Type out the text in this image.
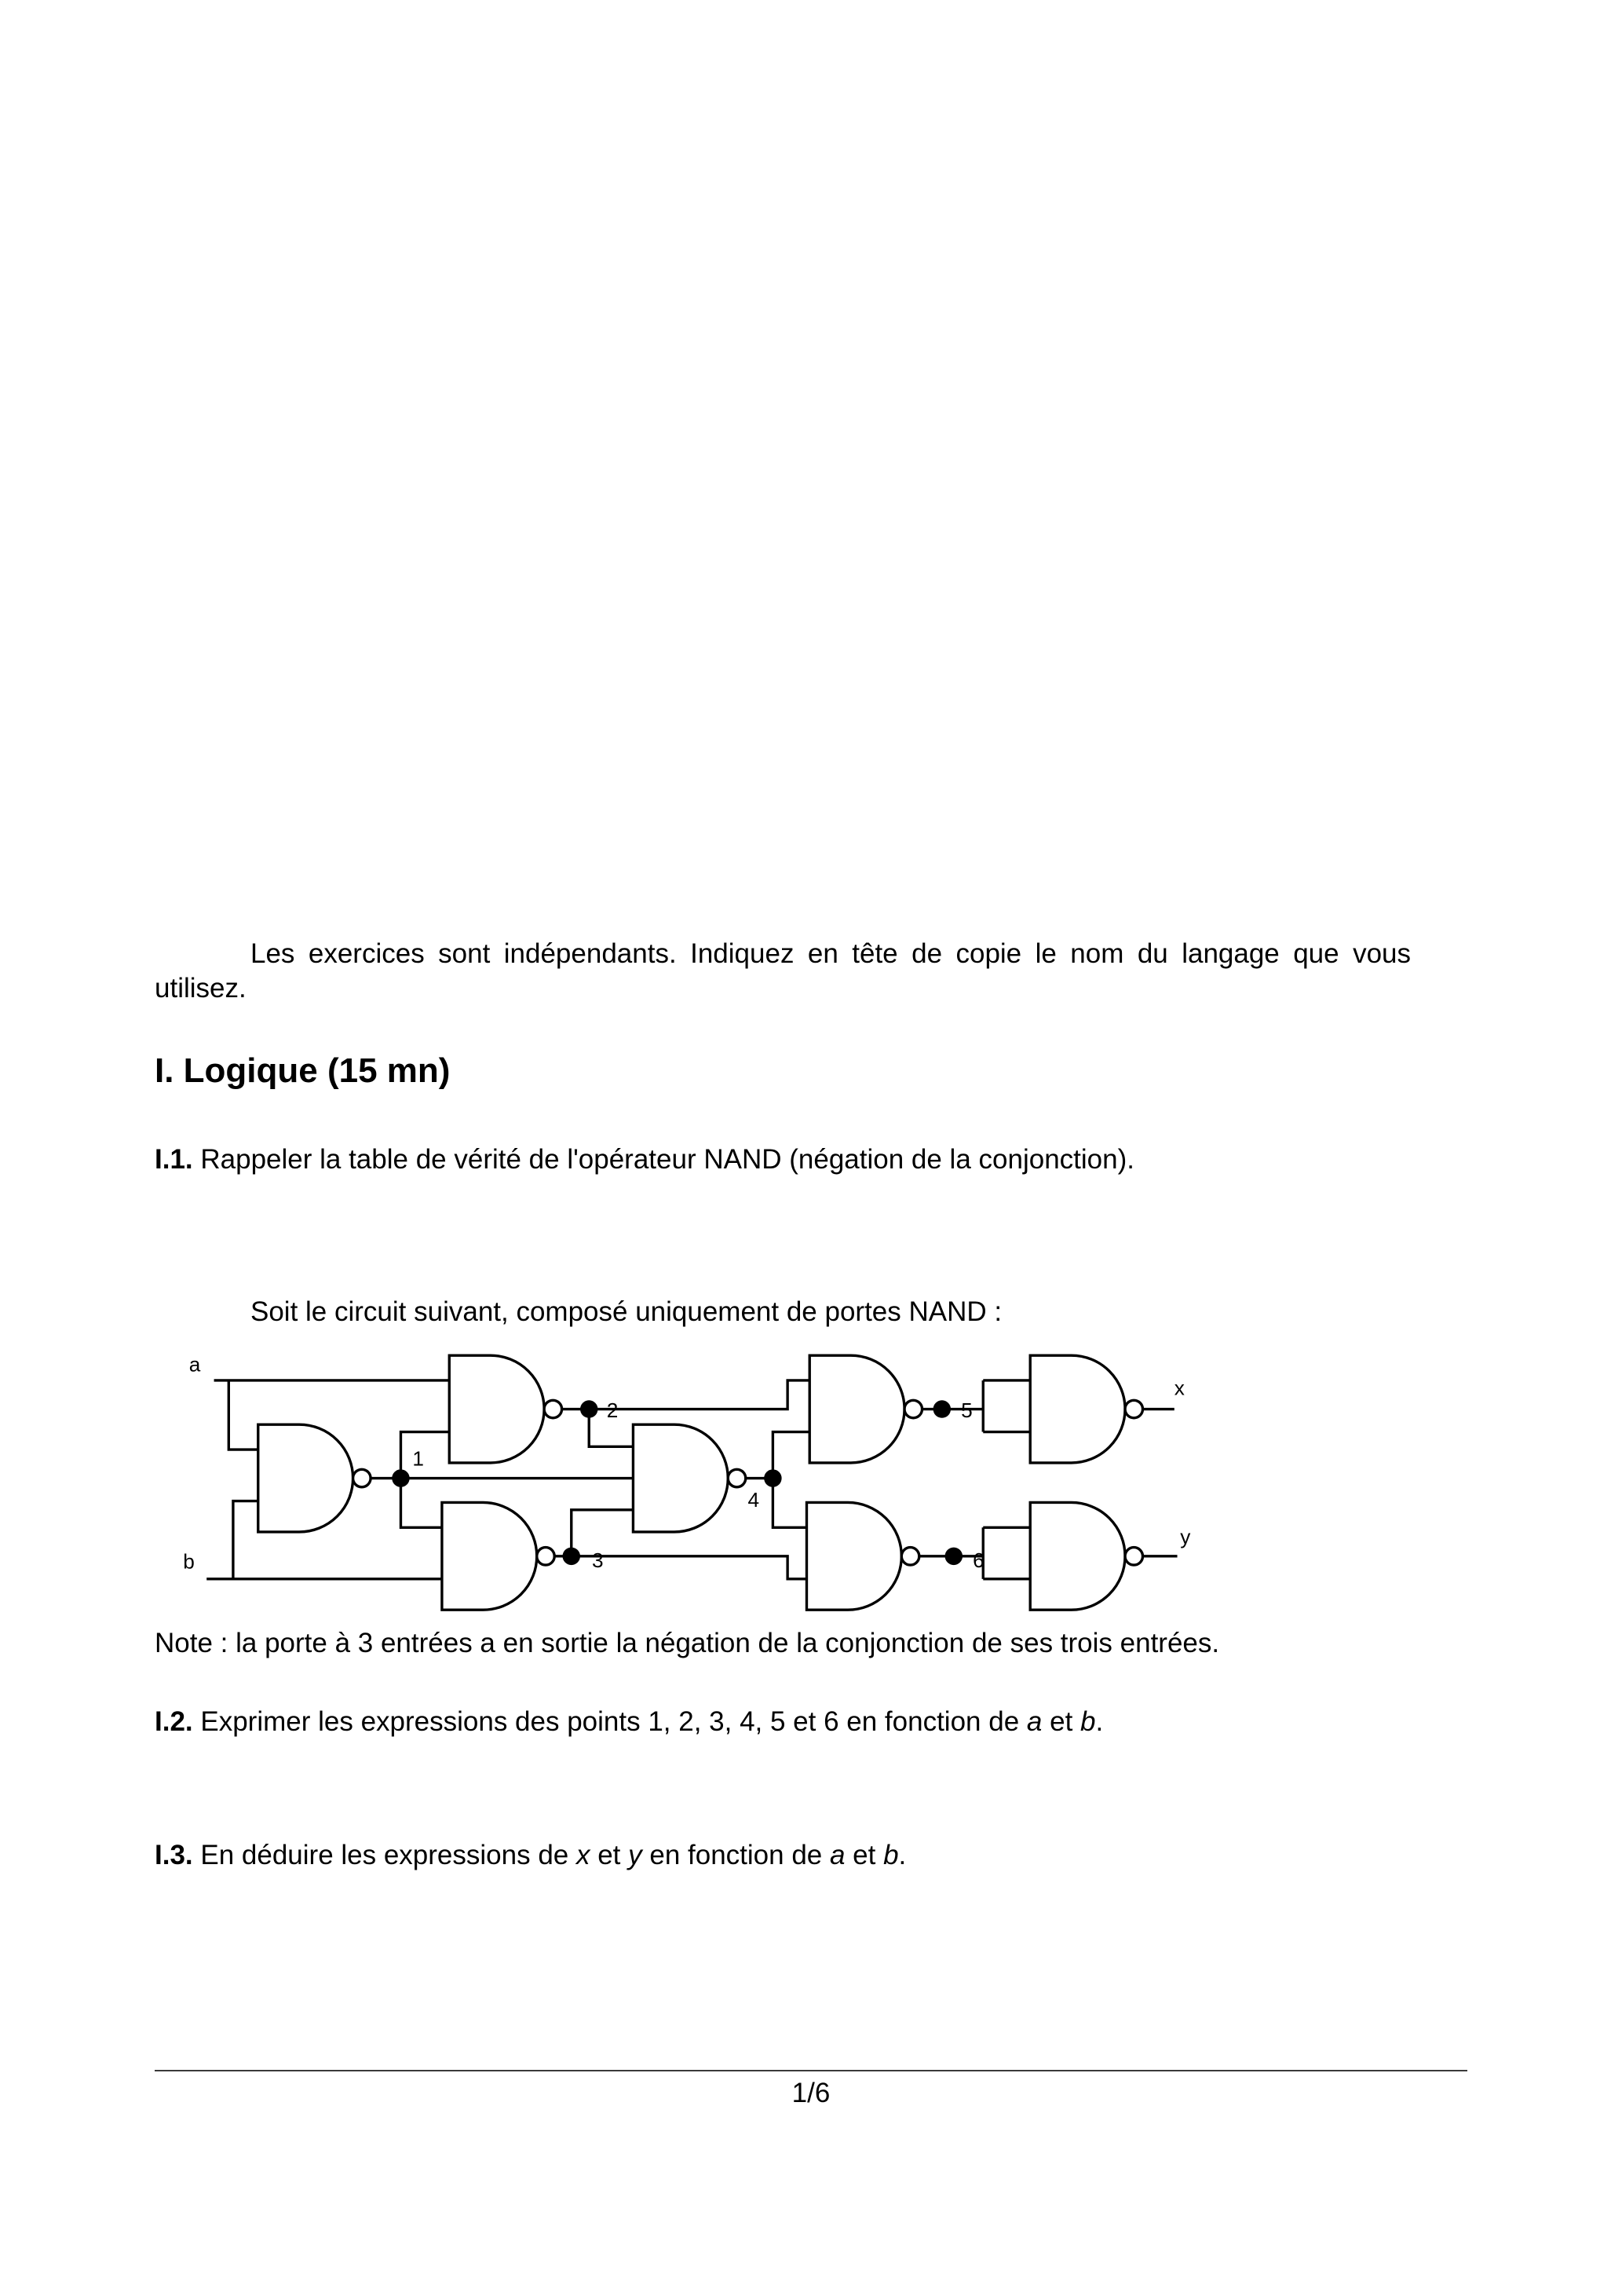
Les exercices sont indépendants. Indiquez en tête de copie le nom du langage que vous utilisez.

I. Logique (15 mn)

I.1. Rappeler la table de vérité de l'opérateur NAND (négation de la conjonction).

Soit le circuit suivant, composé uniquement de portes NAND :

a
b
1
2
3
4
5
6
x
y

Note : la porte à 3 entrées a en sortie la négation de la conjonction de ses trois entrées.

I.2. Exprimer les expressions des points 1, 2, 3, 4, 5 et 6 en fonction de a et b.

I.3. En déduire les expressions de x et y en fonction de a et b.

1/6
